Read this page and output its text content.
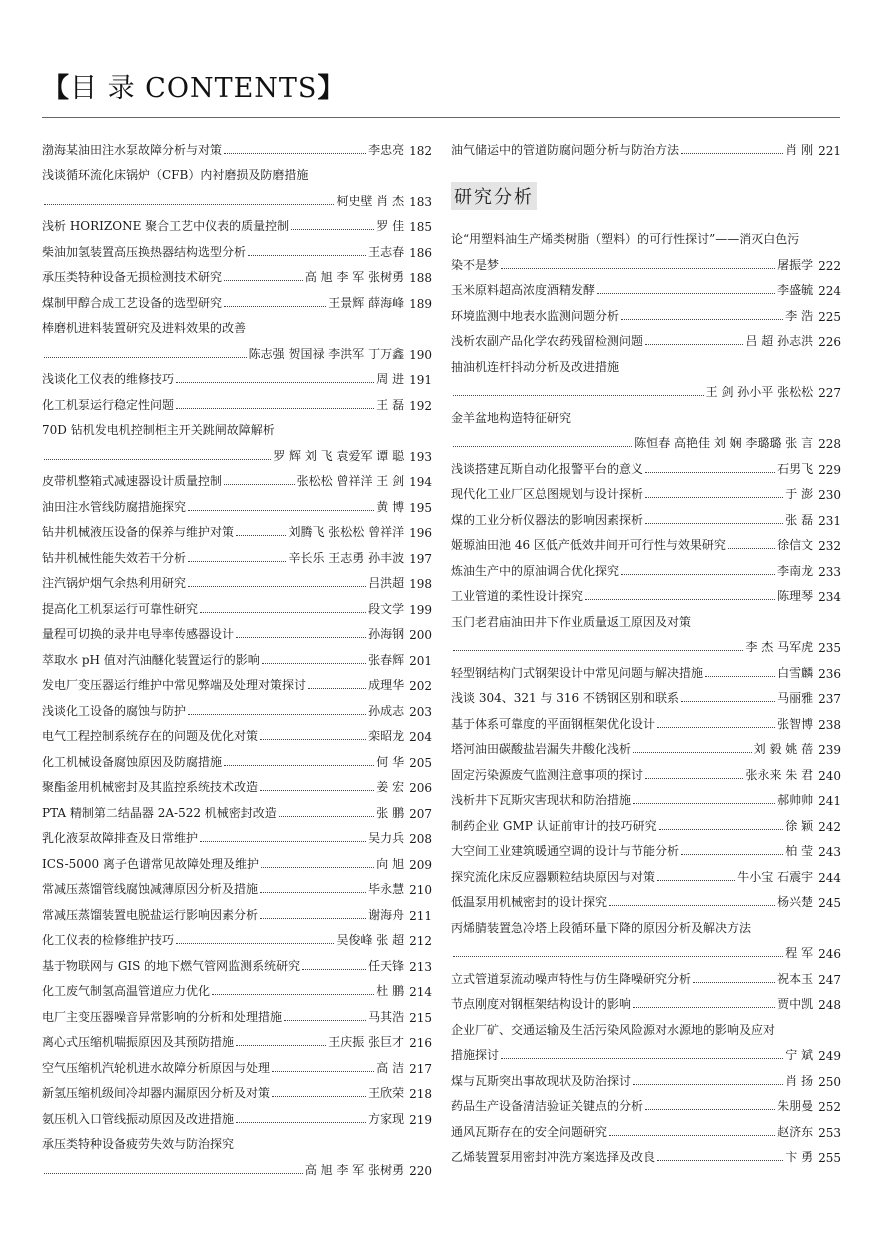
【目 录 CONTENTS】
渤海某油田注水泵故障分析与对策	李忠亮 182
浅谈循环流化床锅炉（CFB）内衬磨损及防磨措施
柯史壁 肖 杰 183
浅析 HORIZONE 聚合工艺中仪表的质量控制	罗 佳 185
柴油加氢装置高压换热器结构选型分析	王志春 186
承压类特种设备无损检测技术研究	高 旭 李 军 张树勇 188
煤制甲醇合成工艺设备的选型研究	王景辉 薛海峰 189
棒磨机进料装置研究及进料效果的改善
陈志强 贺国禄 李洪军 丁万鑫 190
浅谈化工仪表的维修技巧	周 进 191
化工机泵运行稳定性问题	王 磊 192
70D 钻机发电机控制柜主开关跳闸故障解析
罗 辉 刘 飞 袁爱军 谭 聪 193
皮带机整箱式减速器设计质量控制	张松松 曾祥洋 王 剑 194
油田注水管线防腐措施探究	黄 博 195
钻井机械液压设备的保养与维护对策	刘腾飞 张松松 曾祥洋 196
钻井机械性能失效若干分析	辛长乐 王志勇 孙丰波 197
注汽锅炉烟气余热利用研究	吕洪超 198
提高化工机泵运行可靠性研究	段文学 199
量程可切换的录井电导率传感器设计	孙海钢 200
萃取水 pH 值对汽油醚化装置运行的影响	张春辉 201
发电厂变压器运行维护中常见弊端及处理对策探讨	成理华 202
浅谈化工设备的腐蚀与防护	孙成志 203
电气工程控制系统存在的问题及优化对策	栾昭龙 204
化工机械设备腐蚀原因及防腐措施	何 华 205
聚酯釜用机械密封及其监控系统技术改造	姜 宏 206
PTA 精制第二结晶器 2A-522 机械密封改造	张 鹏 207
乳化液泵故障排查及日常维护	吴力兵 208
ICS-5000 离子色谱常见故障处理及维护	向 旭 209
常减压蒸馏管线腐蚀减薄原因分析及措施	毕永慧 210
常减压蒸馏装置电脱盐运行影响因素分析	谢海舟 211
化工仪表的检修维护技巧	吴俊峰 张 超 212
基于物联网与 GIS 的地下燃气管网监测系统研究	任天锋 213
化工废气制氢高温管道应力优化	杜 鹏 214
电厂主变压器噪音异常影响的分析和处理措施	马其浩 215
离心式压缩机喘振原因及其预防措施	王庆振 张巨才 216
空气压缩机汽轮机进水故障分析原因与处理	高 洁 217
新氢压缩机级间冷却器内漏原因分析及对策	王欣荣 218
氨压机入口管线振动原因及改进措施	方家现 219
承压类特种设备疲劳失效与防治探究
高 旭 李 军 张树勇 220
油气储运中的管道防腐问题分析与防治方法	肖 刚 221
研究分析
论“用塑料油生产烯类树脂（塑料）的可行性探讨”——消灭白色污
染不是梦	屠振学 222
玉米原料超高浓度酒精发酵	李盛毓 224
环境监测中地表水监测问题分析	李 浩 225
浅析农副产品化学农药残留检测问题	吕 超 孙志洪 226
抽油机连杆抖动分析及改进措施
王 剑 孙小平 张松松 227
金羊盆地构造特征研究
陈恒春 高艳佳 刘 娴 李璐璐 张 言 228
浅谈搭建瓦斯自动化报警平台的意义	石男飞 229
现代化工业厂区总图规划与设计探析	于 澎 230
煤的工业分析仪器法的影响因素探析	张 磊 231
姬塬油田池 46 区低产低效井间开可行性与效果研究	徐信文 232
炼油生产中的原油调合优化探究	李南龙 233
工业管道的柔性设计探究	陈理琴 234
玉门老君庙油田井下作业质量返工原因及对策
李 杰 马军虎 235
轻型钢结构门式钢架设计中常见问题与解决措施	白雪麟 236
浅谈 304、321 与 316 不锈钢区别和联系	马丽雅 237
基于体系可靠度的平面钢框架优化设计	张智博 238
塔河油田碳酸盐岩漏失井酸化浅析	刘 毅 姚 蓓 239
固定污染源废气监测注意事项的探讨	张永来 朱 君 240
浅析井下瓦斯灾害现状和防治措施	郝帅帅 241
制药企业 GMP 认证前审计的技巧研究	徐 颖 242
大空间工业建筑暖通空调的设计与节能分析	柏 莹 243
探究流化床反应器颗粒结块原因与对策	牛小宝 石震宇 244
低温泵用机械密封的设计探究	杨兴楚 245
丙烯腈装置急冷塔上段循环量下降的原因分析及解决方法
程 军 246
立式管道泵流动噪声特性与仿生降噪研究分析	祝本玉 247
节点刚度对钢框架结构设计的影响	贾中凯 248
企业厂矿、交通运输及生活污染风险源对水源地的影响及应对
措施探讨	宁 斌 249
煤与瓦斯突出事故现状及防治探讨	肖 扬 250
药品生产设备清洁验证关键点的分析	朱朋曼 252
通风瓦斯存在的安全问题研究	赵济东 253
乙烯装置泵用密封冲洗方案选择及改良	卞 勇 255
